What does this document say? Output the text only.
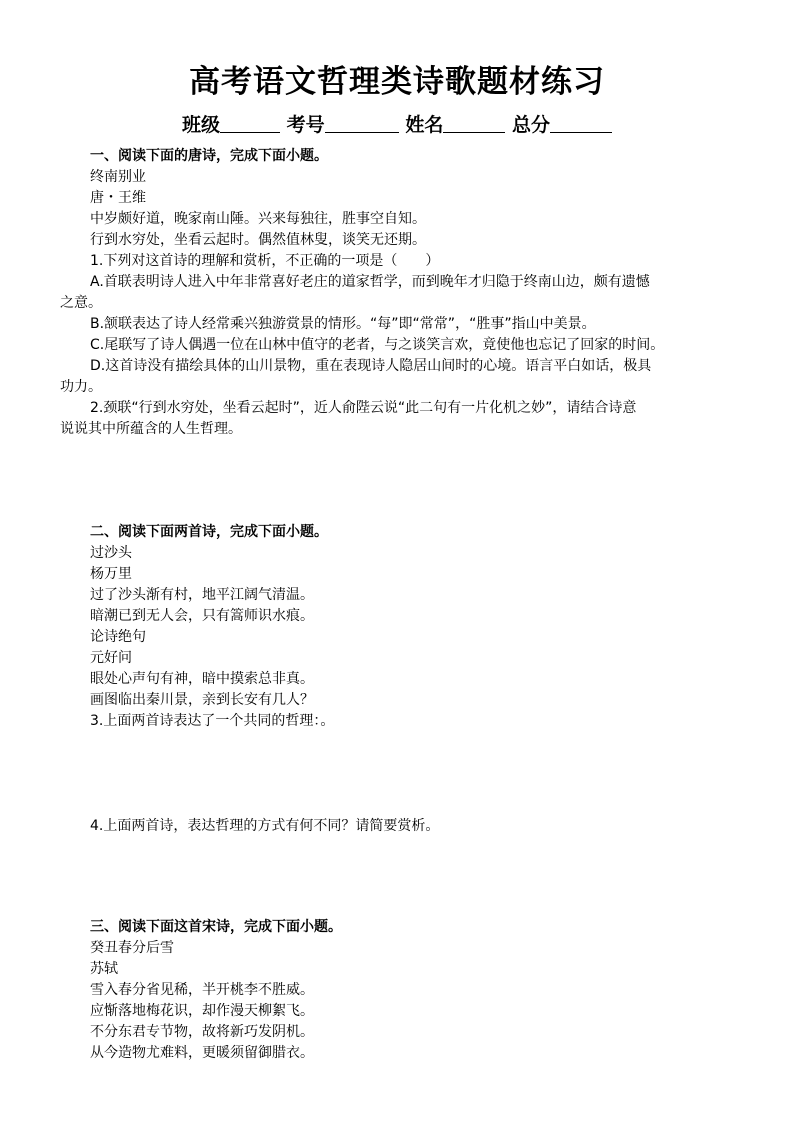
高考语文哲理类诗歌题材练习
班级	考号	姓名	总分
一、阅读下面的唐诗，完成下面小题。
终南别业
唐・王维
中岁颇好道，晚家南山陲。兴来每独往，胜事空自知。
行到水穷处，坐看云起时。偶然值林叟，谈笑无还期。
1.下列对这首诗的理解和赏析，不正确的一项是（　　）
A.首联表明诗人进入中年非常喜好老庄的道家哲学，而到晚年才归隐于终南山边，颇有遗憾
之意。
B.颔联表达了诗人经常乘兴独游赏景的情形。“每”即“常常”，“胜事”指山中美景。
C.尾联写了诗人偶遇一位在山林中值守的老者，与之谈笑言欢，竟使他也忘记了回家的时间。
D.这首诗没有描绘具体的山川景物，重在表现诗人隐居山间时的心境。语言平白如话，极具
功力。
2.颈联“行到水穷处，坐看云起时”，近人俞陛云说“此二句有一片化机之妙”，请结合诗意
说说其中所蕴含的人生哲理。
二、阅读下面两首诗，完成下面小题。
过沙头
杨万里
过了沙头渐有村，地平江阔气清温。
暗潮已到无人会，只有篙师识水痕。
论诗绝句
元好问
眼处心声句有神，暗中摸索总非真。
画图临出秦川景，亲到长安有几人？
3.上面两首诗表达了一个共同的哲理：。
4.上面两首诗，表达哲理的方式有何不同？请简要赏析。
三、阅读下面这首宋诗，完成下面小题。
癸丑春分后雪
苏轼
雪入春分省见稀，半开桃李不胜威。
应惭落地梅花识，却作漫天柳絮飞。
不分东君专节物，故将新巧发阴机。
从今造物尤难料，更暖须留御腊衣。
